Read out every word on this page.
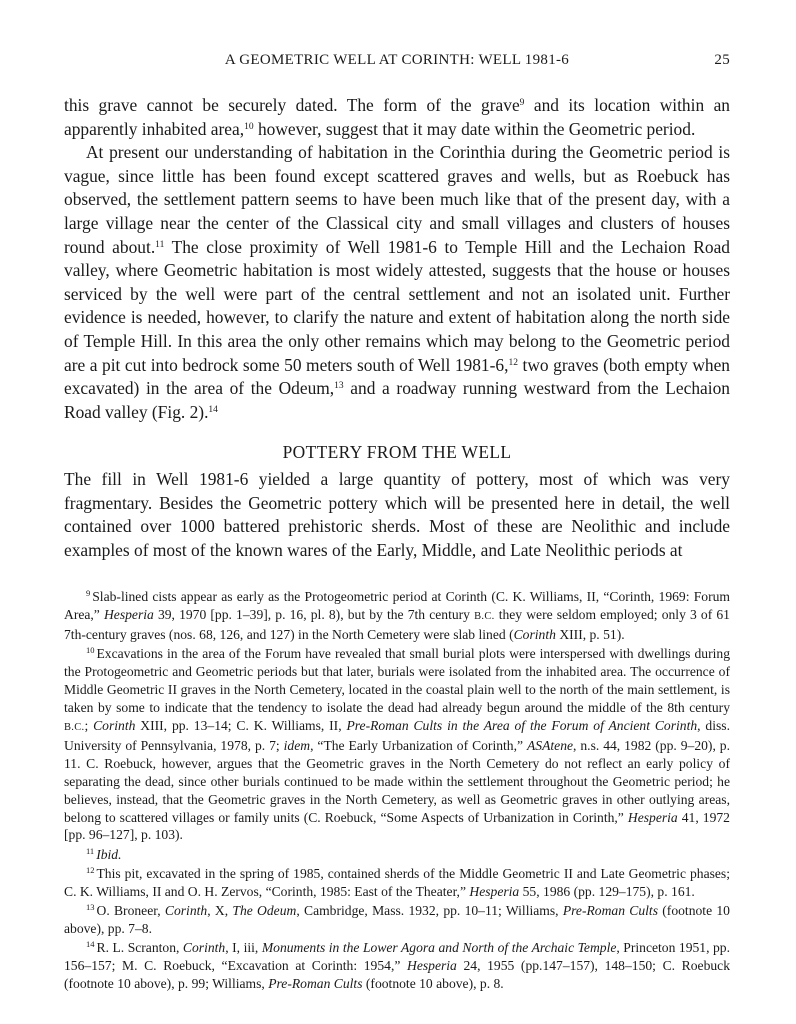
A GEOMETRIC WELL AT CORINTH: WELL 1981-6	25

this grave cannot be securely dated. The form of the grave$^9$ and its location within an apparently inhabited area,$^{10}$ however, suggest that it may date within the Geometric period.

At present our understanding of habitation in the Corinthia during the Geometric period is vague, since little has been found except scattered graves and wells, but as Roebuck has observed, the settlement pattern seems to have been much like that of the present day, with a large village near the center of the Classical city and small villages and clusters of houses round about.$^{11}$ The close proximity of Well 1981-6 to Temple Hill and the Lechaion Road valley, where Geometric habitation is most widely attested, suggests that the house or houses serviced by the well were part of the central settlement and not an isolated unit. Further evidence is needed, however, to clarify the nature and extent of habitation along the north side of Temple Hill. In this area the only other remains which may belong to the Geometric period are a pit cut into bedrock some 50 meters south of Well 1981-6,12 two graves (both empty when excavated) in the area of the Odeum,$^{13}$ and a roadway running westward from the Lechaion Road valley (Fig. 2).$^{14}$

POTTERY FROM THE WELL

The fill in Well 1981-6 yielded a large quantity of pottery, most of which was very fragmentary. Besides the Geometric pottery which will be presented here in detail, the well contained over 1000 battered prehistoric sherds. Most of these are Neolithic and include examples of most of the known wares of the Early, Middle, and Late Neolithic periods at

$^9$ Slab-lined cists appear as early as the Protogeometric period at Corinth (C. K. Williams, II, “Corinth, 1969: Forum Area,” Hesperia 39, 1970 [pp. 1–39], p. 16, pl. 8), but by the 7th century B.C. they were seldom employed; only 3 of 61 7th-century graves (nos. 68, 126, and 127) in the North Cemetery were slab lined (Corinth XIII, p. 51).

$^{10}$ Excavations in the area of the Forum have revealed that small burial plots were interspersed with dwellings during the Protogeometric and Geometric periods but that later, burials were isolated from the inhabited area. The occurrence of Middle Geometric II graves in the North Cemetery, located in the coastal plain well to the north of the main settlement, is taken by some to indicate that the tendency to isolate the dead had already begun around the middle of the 8th century B.C.; Corinth XIII, pp. 13–14; C. K. Williams, II, Pre-Roman Cults in the Area of the Forum of Ancient Corinth, diss. University of Pennsylvania, 1978, p. 7; idem, “The Early Urbanization of Corinth,” ASAtene, n.s. 44, 1982 (pp. 9–20), p. 11. C. Roebuck, however, argues that the Geometric graves in the North Cemetery do not reflect an early policy of separating the dead, since other burials continued to be made within the settlement throughout the Geometric period; he believes, instead, that the Geometric graves in the North Cemetery, as well as Geometric graves in other outlying areas, belong to scattered villages or family units (C. Roebuck, “Some Aspects of Urbanization in Corinth,” Hesperia 41, 1972 [pp. 96–127], p. 103).

$^{11}$ Ibid.

$^{12}$ This pit, excavated in the spring of 1985, contained sherds of the Middle Geometric II and Late Geometric phases; C. K. Williams, II and O. H. Zervos, “Corinth, 1985: East of the Theater,” Hesperia 55, 1986 (pp. 129–175), p. 161.

$^{13}$ O. Broneer, Corinth, X, The Odeum, Cambridge, Mass. 1932, pp. 10–11; Williams, Pre-Roman Cults (footnote 10 above), pp. 7–8.

$^{14}$ R. L. Scranton, Corinth, I, iii, Monuments in the Lower Agora and North of the Archaic Temple, Princeton 1951, pp. 156–157; M. C. Roebuck, “Excavation at Corinth: 1954,” Hesperia 24, 1955 (pp.147–157), 148–150; C. Roebuck (footnote 10 above), p. 99; Williams, Pre-Roman Cults (footnote 10 above), p. 8.
